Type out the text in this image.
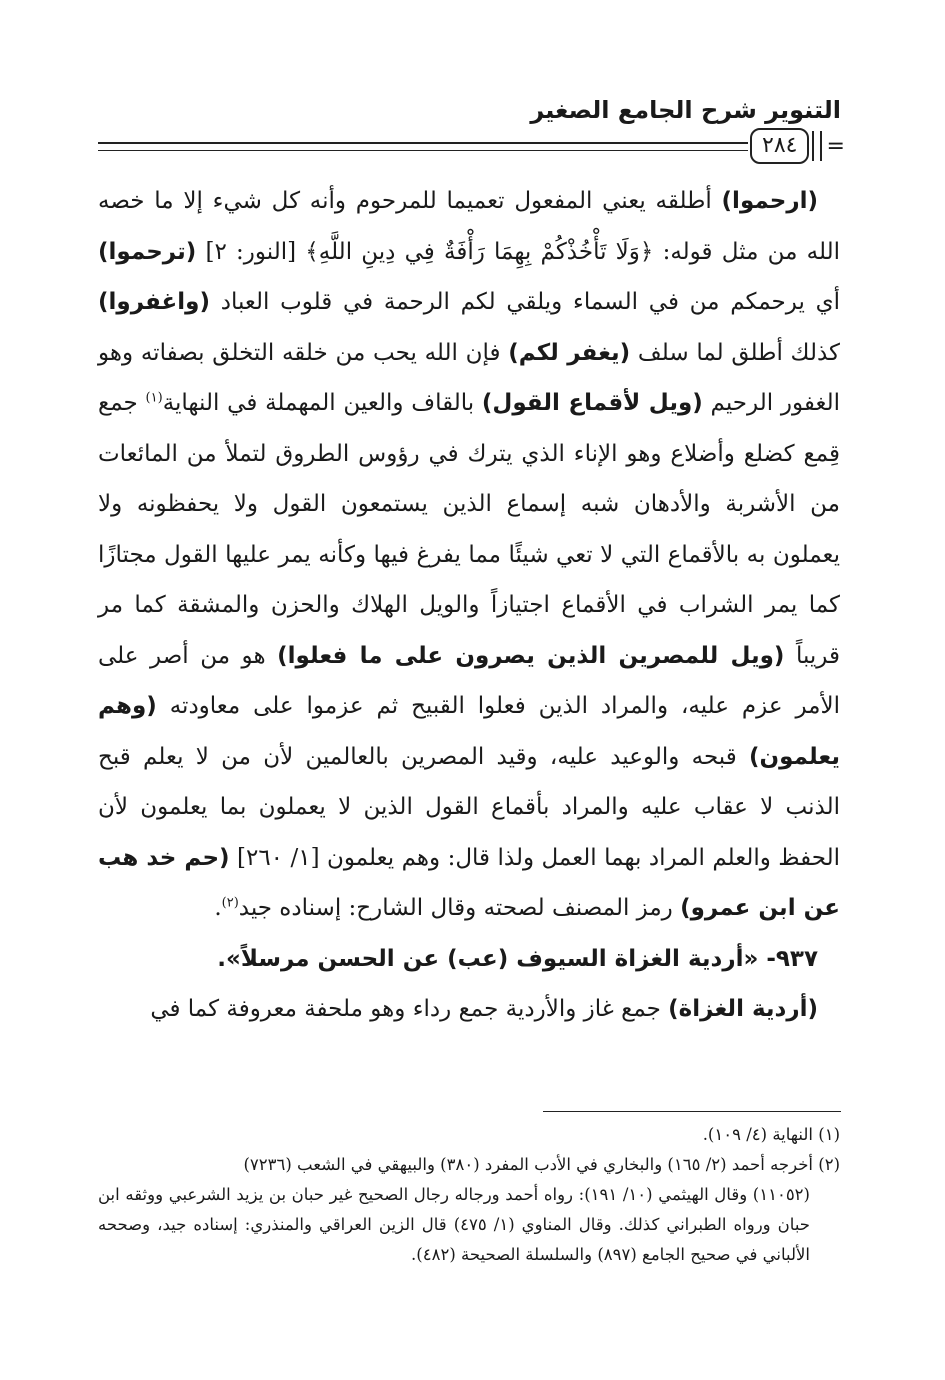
التنوير شرح الجامع الصغير
٢٨٤	=

(ارحموا) أطلقه يعني المفعول تعميما للمرحوم وأنه كل شيء إلا ما خصه الله من مثل قوله: ﴿وَلَا تَأْخُذْكُمْ بِهِمَا رَأْفَةٌ فِي دِينِ اللَّهِ﴾ [النور: ٢] (ترحموا) أي يرحمكم من في السماء ويلقي لكم الرحمة في قلوب العباد (واغفروا) كذلك أطلق لما سلف (يغفر لكم) فإن الله يحب من خلقه التخلق بصفاته وهو الغفور الرحيم (ويل لأقماع القول) بالقاف والعين المهملة في النهاية$^{(١)}$ جمع قِمع كضلع وأضلاع وهو الإناء الذي يترك في رؤوس الطروق لتملأ من المائعات من الأشربة والأدهان شبه إسماع الذين يستمعون القول ولا يحفظونه ولا يعملون به بالأقماع التي لا تعي شيئًا مما يفرغ فيها وكأنه يمر عليها القول مجتازًا كما يمر الشراب في الأقماع اجتيازاً والويل الهلاك والحزن والمشقة كما مر قريباً (ويل للمصرين الذين يصرون على ما فعلوا) هو من أصر على الأمر عزم عليه، والمراد الذين فعلوا القبيح ثم عزموا على معاودته (وهم يعلمون) قبحه والوعيد عليه، وقيد المصرين بالعالمين لأن من لا يعلم قبح الذنب لا عقاب عليه والمراد بأقماع القول الذين لا يعملون بما يعلمون لأن الحفظ والعلم المراد بهما العمل ولذا قال: وهم يعلمون [١/ ٢٦٠] (حم خد هب عن ابن عمرو) رمز المصنف لصحته وقال الشارح: إسناده جيد$^{(٢)}$.

٩٣٧- «أردية الغزاة السيوف (عب) عن الحسن مرسلاً».

(أردية الغزاة) جمع غاز والأردية جمع رداء وهو ملحفة معروفة كما في

(١) النهاية (٤/ ١٠٩).

(٢) أخرجه أحمد (٢/ ١٦٥) والبخاري في الأدب المفرد (٣٨٠) والبيهقي في الشعب (٧٢٣٦)

(١١٠٥٢) وقال الهيثمي (١٠/ ١٩١): رواه أحمد ورجاله رجال الصحيح غير حبان بن يزيد الشرعبي ووثقه ابن حبان ورواه الطبراني كذلك. وقال المناوي (١/ ٤٧٥) قال الزين العراقي والمنذري: إسناده جيد، وصححه الألباني في صحيح الجامع (٨٩٧) والسلسلة الصحيحة (٤٨٢).
